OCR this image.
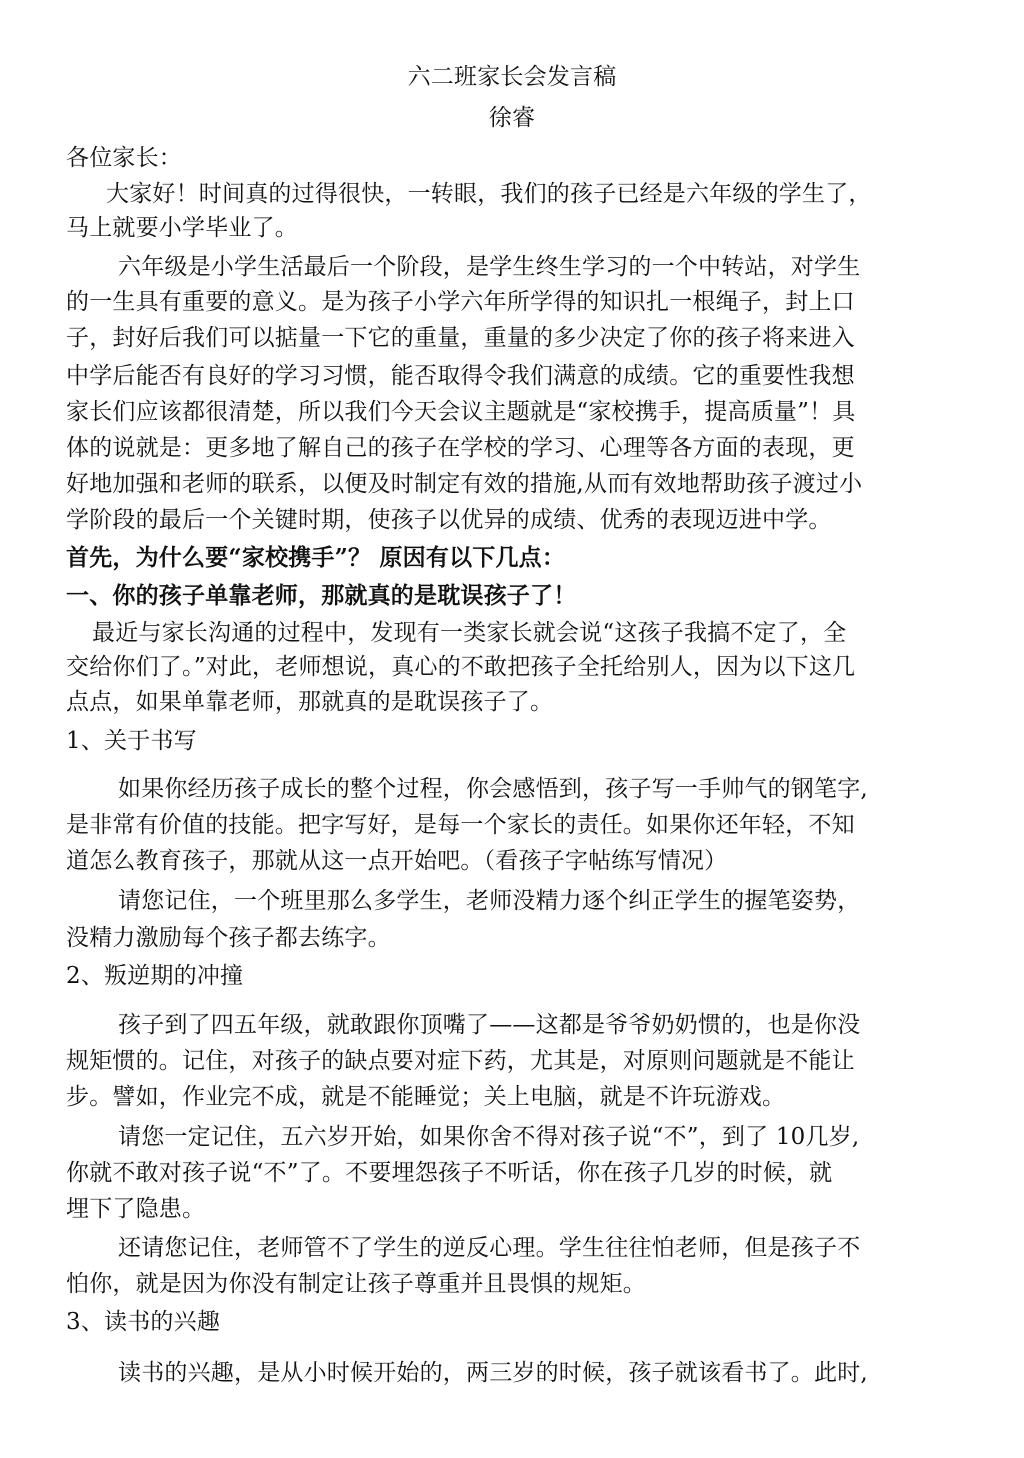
六二班家长会发言稿
徐睿
各位家长：
大家好！时间真的过得很快，一转眼，我们的孩子已经是六年级的学生了，
马上就要小学毕业了。
六年级是小学生活最后一个阶段，是学生终生学习的一个中转站，对学生
的一生具有重要的意义。是为孩子小学六年所学得的知识扎一根绳子，封上口
子，封好后我们可以掂量一下它的重量，重量的多少决定了你的孩子将来进入
中学后能否有良好的学习习惯，能否取得令我们满意的成绩。它的重要性我想
家长们应该都很清楚，所以我们今天会议主题就是“家校携手，提高质量”！具
体的说就是：更多地了解自己的孩子在学校的学习、心理等各方面的表现，更
好地加强和老师的联系，以便及时制定有效的措施,从而有效地帮助孩子渡过小
学阶段的最后一个关键时期，使孩子以优异的成绩、优秀的表现迈进中学。
首先，为什么要“家校携手”？ 原因有以下几点：
一、你的孩子单靠老师，那就真的是耽误孩子了！
最近与家长沟通的过程中，发现有一类家长就会说“这孩子我搞不定了，全
交给你们了。”对此，老师想说，真心的不敢把孩子全托给别人，因为以下这几
点点，如果单靠老师，那就真的是耽误孩子了。
1、关于书写
如果你经历孩子成长的整个过程，你会感悟到，孩子写一手帅气的钢笔字,
是非常有价值的技能。把字写好，是每一个家长的责任。如果你还年轻，不知
道怎么教育孩子，那就从这一点开始吧。（看孩子字帖练写情况）
请您记住，一个班里那么多学生，老师没精力逐个纠正学生的握笔姿势，
没精力激励每个孩子都去练字。
2、叛逆期的冲撞
孩子到了四五年级，就敢跟你顶嘴了——这都是爷爷奶奶惯的，也是你没
规矩惯的。记住，对孩子的缺点要对症下药，尤其是，对原则问题就是不能让
步。譬如，作业完不成，就是不能睡觉；关上电脑，就是不许玩游戏。
请您一定记住，五六岁开始，如果你舍不得对孩子说“不”，到了 10几岁,
你就不敢对孩子说“不”了。不要埋怨孩子不听话，你在孩子几岁的时候，就
埋下了隐患。
还请您记住，老师管不了学生的逆反心理。学生往往怕老师，但是孩子不
怕你，就是因为你没有制定让孩子尊重并且畏惧的规矩。
3、读书的兴趣
读书的兴趣，是从小时候开始的，两三岁的时候，孩子就该看书了。此时,
